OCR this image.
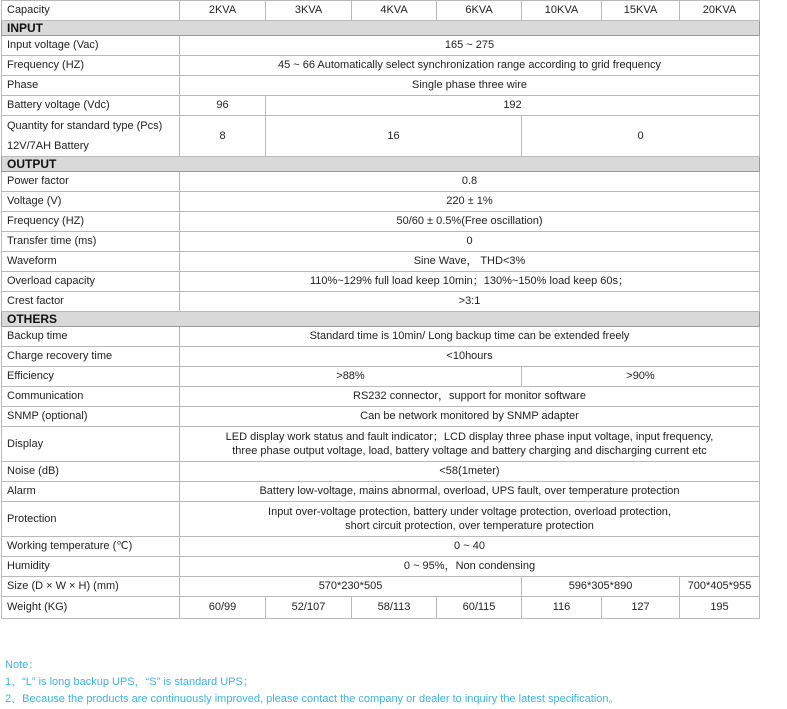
Capacity	2KVA	3KVA	4KVA	6KVA	10KVA	15KVA	20KVA
INPUT							
Input voltage (Vac)	165 ~ 275						
Frequency (HZ)	45 ~ 66 Automatically select synchronization range according to grid frequency						
Phase	Single phase three wire						
Battery voltage (Vdc)	96	192					

Quantity for standard type (Pcs)
12V/7AH Battery	8	16			0		
OUTPUT							
Power factor	0.8						
Voltage (V)	220 ± 1%						
Frequency (HZ)	50/60 ± 0.5%(Free oscillation)						
Transfer time (ms)	0						
Waveform	Sine Wave， THD<3%						
Overload capacity	110%~129% full load keep 10min；130%~150% load keep 60s；						
Crest factor	>3:1						
OTHERS							
Backup time	Standard time is 10min/ Long backup time can be extended freely						
Charge recovery time	<10hours						
Efficiency	>88%				>90%		
Communication	RS232 connector，support for monitor software						
SNMP (optional)	Can be network monitored by SNMP adapter						
Display	LED display work status and fault indicator；LCD display three phase input voltage, input frequency,
three phase output voltage, load, battery voltage and battery charging and discharging current etc						

Noise (dB)	<58(1meter)						
Alarm	Battery low-voltage, mains abnormal, overload, UPS fault, over temperature protection						
Protection	Input over-voltage protection, battery under voltage protection, overload protection,
short circuit protection, over temperature protection						

Working temperature (℃)	0 ~ 40						
Humidity	0 ~ 95%，Non condensing						
Size (D × W × H) (mm)	570*230*505				596*305*890		700*405*955
Weight (KG)	60/99	52/107	58/113	60/115	116	127	195
Note：
1、“L” is long backup UPS，“S” is standard UPS；
2、Because the products are continuously improved, please contact the company or dealer to inquiry the latest specification。
